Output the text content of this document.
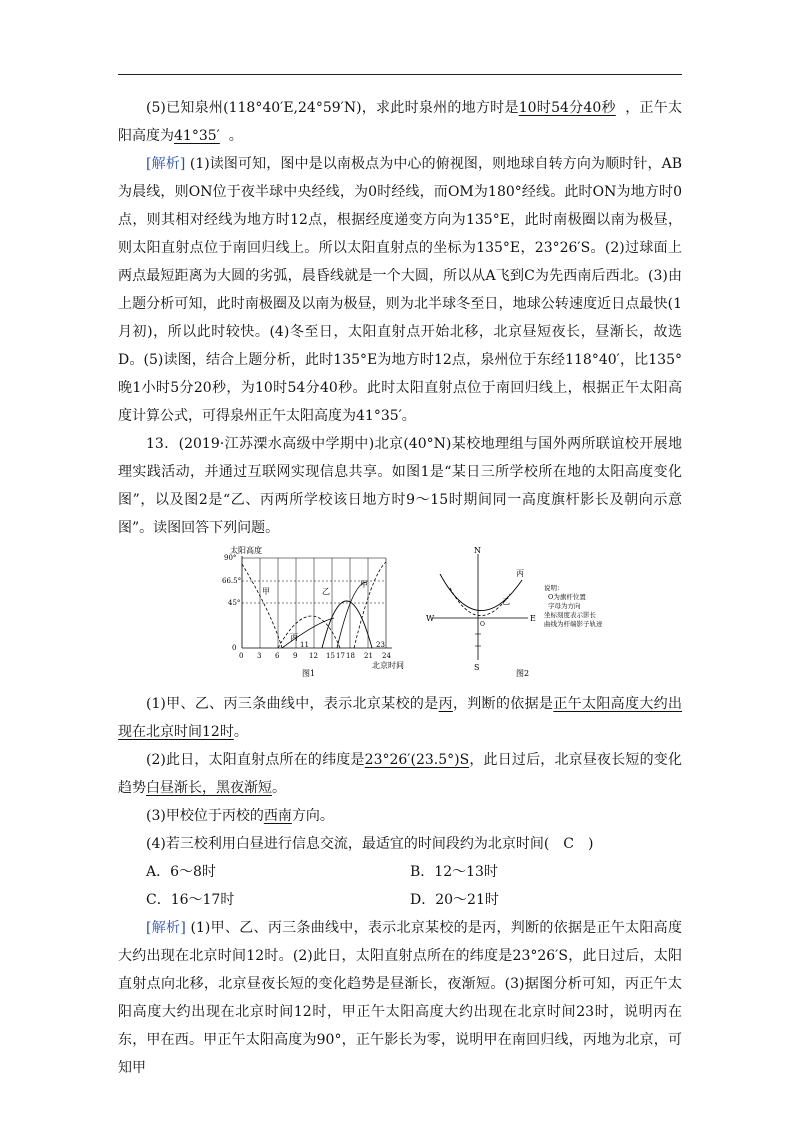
(5)已知泉州(118°40′E,24°59′N)，求此时泉州的地方时是10时54分40秒 ，正午太阳高度为41°35′ 。

[解析] (1)读图可知，图中是以南极点为中心的俯视图，则地球自转方向为顺时针，AB为晨线，则ON位于夜半球中央经线，为0时经线，而OM为180°经线。此时ON为地方时0点，则其相对经线为地方时12点，根据经度递变方向为135°E，此时南极圈以南为极昼，则太阳直射点位于南回归线上。所以太阳直射点的坐标为135°E，23°26′S。(2)过球面上两点最短距离为大圆的劣弧，晨昏线就是一个大圆，所以从A飞到C为先西南后西北。(3)由上题分析可知，此时南极圈及以南为极昼，则为北半球冬至日，地球公转速度近日点最快(1月初)，所以此时较快。(4)冬至日，太阳直射点开始北移，北京昼短夜长，昼渐长，故选D。(5)读图，结合上题分析，此时135°E为地方时12点，泉州位于东经118°40′，比135°晚1小时5分20秒，为10时54分40秒。此时太阳直射点位于南回归线上，根据正午太阳高度计算公式，可得泉州正午太阳高度为41°35′。

13．(2019·江苏溧水高级中学期中)北京(40°N)某校地理组与国外两所联谊校开展地理实践活动，并通过互联网实现信息共享。如图1是“某日三所学校所在地的太阳高度变化图”，以及图2是“乙、丙两所学校该日地方时9～15时期间同一高度旗杆影长及朝向示意图”。读图回答下列问题。

太阳高度
90°
66.5°
45°
0
甲	乙
甲
丙
11	23
0 3 6 9 12 15 17 18 21 24
北京时间
图1
N
S
E
W
O
丙
乙
说明：
O为旗杆位置
字母为方向
坐标刻度表示影长
曲线为杆端影子轨迹
图2

(1)甲、乙、丙三条曲线中，表示北京某校的是丙，判断的依据是正午太阳高度大约出现在北京时间12时。

(2)此日，太阳直射点所在的纬度是23°26′(23.5°)S，此日过后，北京昼夜长短的变化趋势白昼渐长，黑夜渐短。

(3)甲校位于丙校的西南方向。

(4)若三校利用白昼进行信息交流，最适宜的时间段约为北京时间(　C　)

A．6～8时	B．12～13时
C．16～17时	D．20～21时

[解析] (1)甲、乙、丙三条曲线中，表示北京某校的是丙，判断的依据是正午太阳高度大约出现在北京时间12时。(2)此日，太阳直射点所在的纬度是23°26′S，此日过后，太阳直射点向北移，北京昼夜长短的变化趋势是昼渐长，夜渐短。(3)据图分析可知，丙正午太阳高度大约出现在北京时间12时，甲正午太阳高度大约出现在北京时间23时，说明丙在东，甲在西。甲正午太阳高度为90°，正午影长为零，说明甲在南回归线，丙地为北京，可知甲
